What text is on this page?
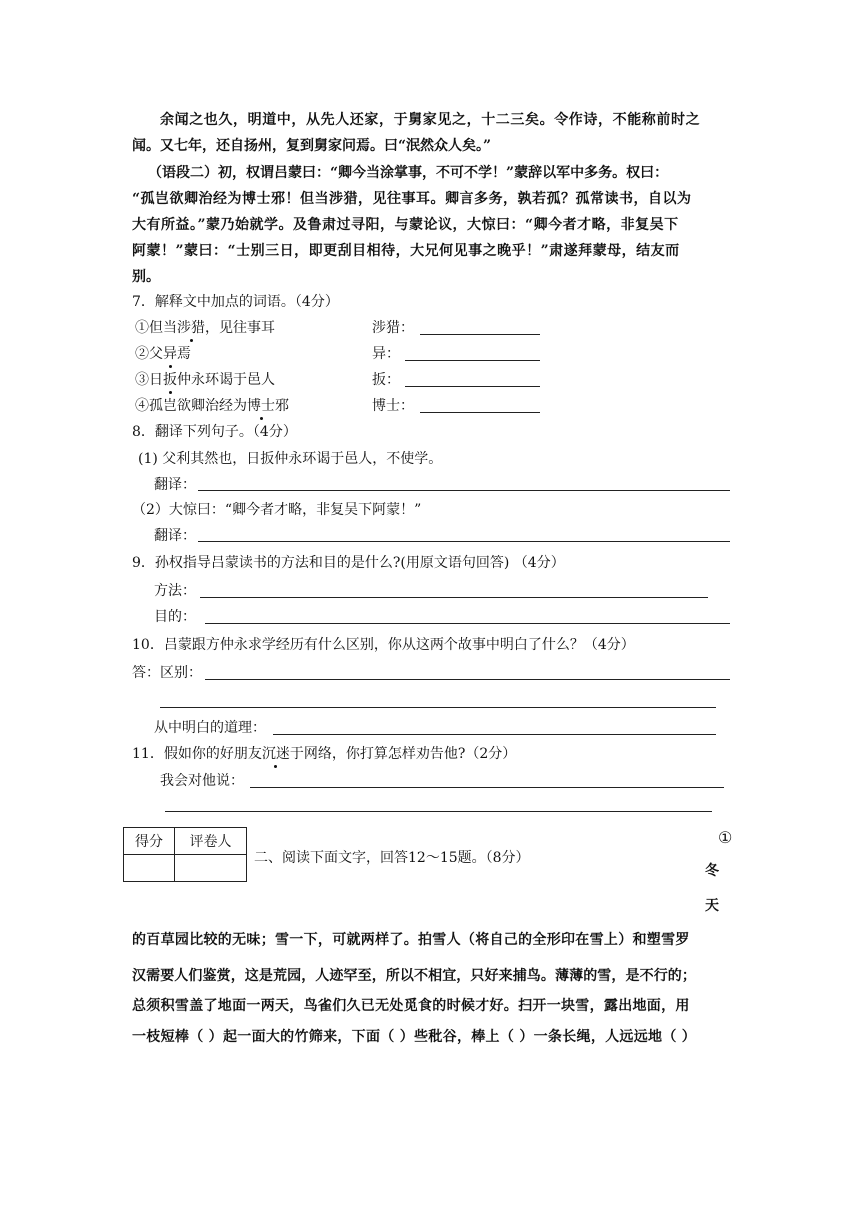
余闻之也久，明道中，从先人还家，于舅家见之，十二三矣。令作诗，不能称前时之
闻。又七年，还自扬州，复到舅家问焉。曰“泯然众人矣。”
（语段二）初，权谓吕蒙曰：“卿今当涂掌事，不可不学！”蒙辞以军中多务。权曰：
“孤岂欲卿治经为博士邪！但当涉猎，见往事耳。卿言多务，孰若孤？孤常读书，自以为
大有所益。”蒙乃始就学。及鲁肃过寻阳，与蒙论议，大惊曰：“卿今者才略，非复吴下
阿蒙！”蒙曰：“士别三日，即更刮目相待，大兄何见事之晚乎！”肃遂拜蒙母，结友而
别。
7．解释文中加点的词语。（4分）
①但当涉猎，见往事耳	涉猎：
②父异焉	异：
③日扳仲永环谒于邑人	扳：
④孤岂欲卿治经为博士邪	博士：
8．翻译下列句子。（4分）
(1) 父利其然也，日扳仲永环谒于邑人，不使学。
翻译：
（2）大惊曰：“卿今者才略，非复吴下阿蒙！”
翻译：
9．孙权指导吕蒙读书的方法和目的是什么?(用原文语句回答) （4分）
方法：
目的：
10．吕蒙跟方仲永求学经历有什么区别，你从这两个故事中明白了什么？（4分）
答：区别：
从中明白的道理：
11．假如你的好朋友沉迷于网络，你打算怎样劝告他?（2分）
我会对他说：
得分	评卷人

二、阅读下面文字，回答12～15题。（8分）
①
冬
天
的百草园比较的无味；雪一下，可就两样了。拍雪人（将自己的全形印在雪上）和塑雪罗
汉需要人们鉴赏，这是荒园，人迹罕至，所以不相宜，只好来捕鸟。薄薄的雪，是不行的；
总须积雪盖了地面一两天，鸟雀们久已无处觅食的时候才好。扫开一块雪，露出地面，用
一枝短棒（ ）起一面大的竹筛来，下面（ ）些秕谷，棒上（ ）一条长绳，人远远地（ ）
